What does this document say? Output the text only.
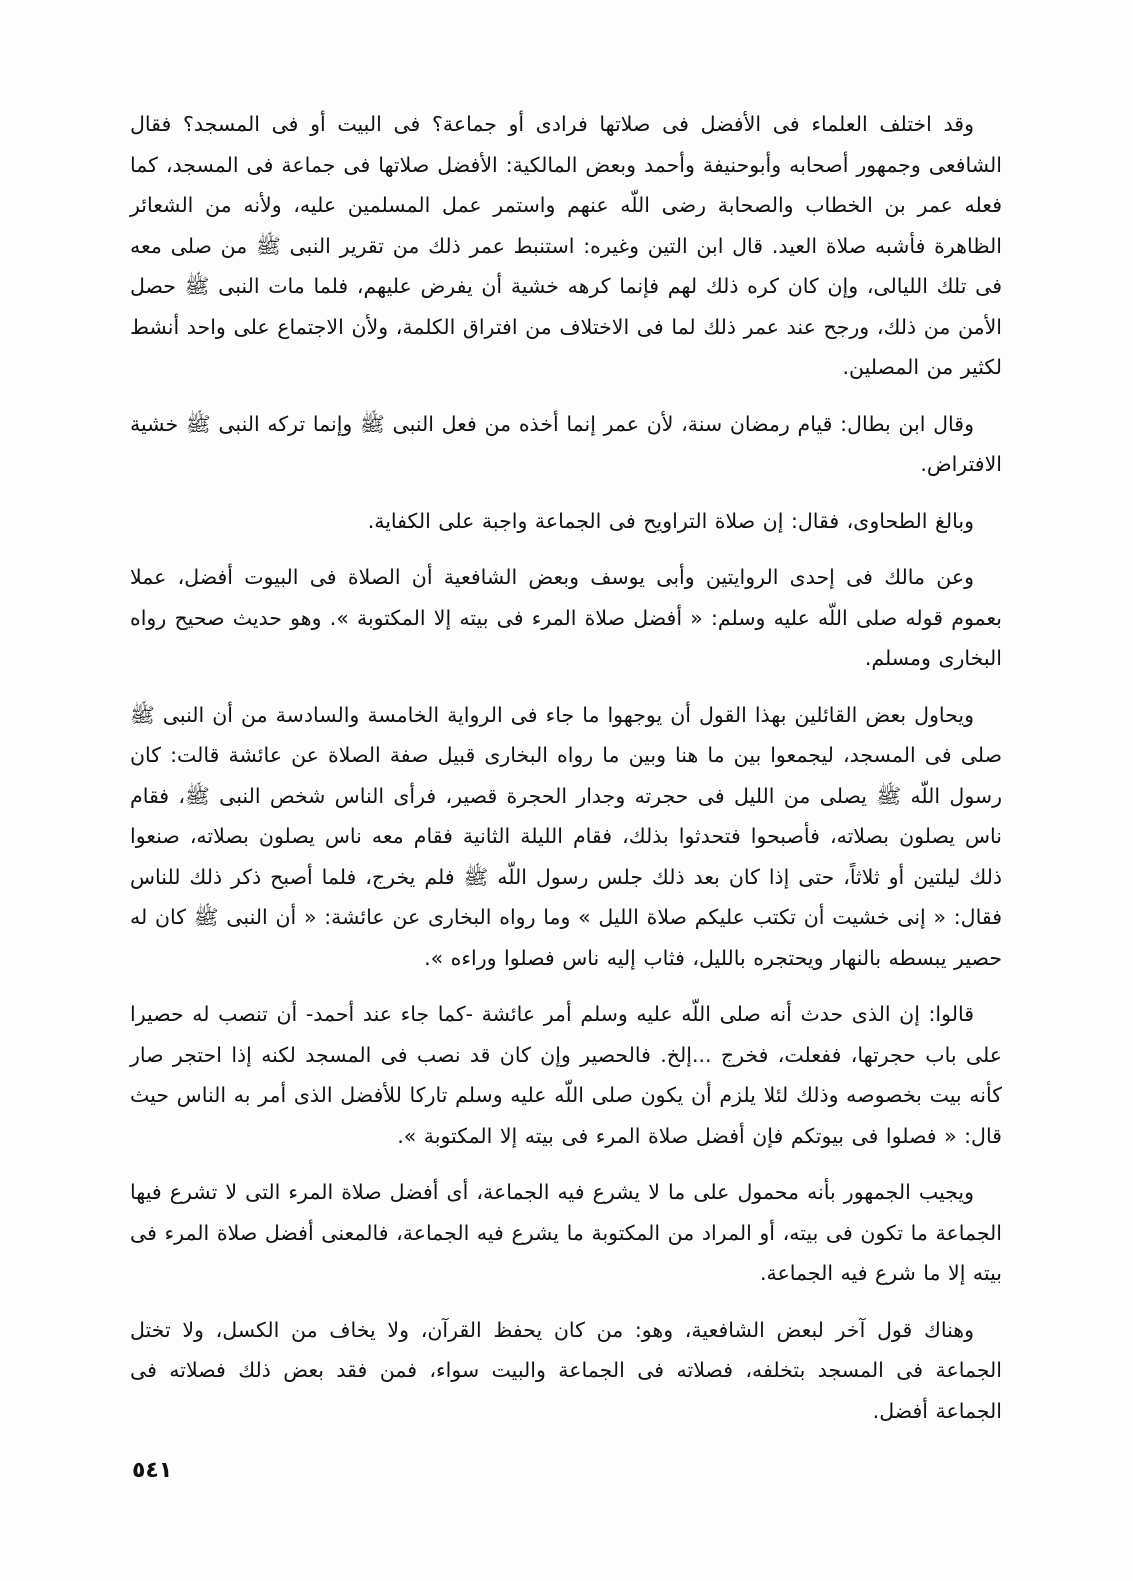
وقد اختلف العلماء فى الأفضل فى صلاتها فرادى أو جماعة؟ فى البيت أو فى المسجد؟ فقال الشافعى وجمهور أصحابه وأبوحنيفة وأحمد وبعض المالكية: الأفضل صلاتها فى جماعة فى المسجد، كما فعله عمر بن الخطاب والصحابة رضى اللّه عنهم واستمر عمل المسلمين عليه، ولأنه من الشعائر الظاهرة فأشبه صلاة العيد. قال ابن التين وغيره: استنبط عمر ذلك من تقرير النبى ﷺ من صلى معه فى تلك الليالى، وإن كان كره ذلك لهم فإنما كرهه خشية أن يفرض عليهم، فلما مات النبى ﷺ حصل الأمن من ذلك، ورجح عند عمر ذلك لما فى الاختلاف من افتراق الكلمة، ولأن الاجتماع على واحد أنشط لكثير من المصلين.

وقال ابن بطال: قيام رمضان سنة، لأن عمر إنما أخذه من فعل النبى ﷺ وإنما تركه النبى ﷺ خشية الافتراض.

وبالغ الطحاوى، فقال: إن صلاة التراويح فى الجماعة واجبة على الكفاية.

وعن مالك فى إحدى الروايتين وأبى يوسف وبعض الشافعية أن الصلاة فى البيوت أفضل، عملا بعموم قوله صلى اللّه عليه وسلم: « أفضل صلاة المرء فى بيته إلا المكتوبة ». وهو حديث صحيح رواه البخارى ومسلم.

ويحاول بعض القائلين بهذا القول أن يوجهوا ما جاء فى الرواية الخامسة والسادسة من أن النبى ﷺ صلى فى المسجد، ليجمعوا بين ما هنا وبين ما رواه البخارى قبيل صفة الصلاة عن عائشة قالت: كان رسول اللّه ﷺ يصلى من الليل فى حجرته وجدار الحجرة قصير، فرأى الناس شخص النبى ﷺ، فقام ناس يصلون بصلاته، فأصبحوا فتحدثوا بذلك، فقام الليلة الثانية فقام معه ناس يصلون بصلاته، صنعوا ذلك ليلتين أو ثلاثاً، حتى إذا كان بعد ذلك جلس رسول اللّه ﷺ فلم يخرج، فلما أصبح ذكر ذلك للناس فقال: « إنى خشيت أن تكتب عليكم صلاة الليل » وما رواه البخارى عن عائشة: « أن النبى ﷺ كان له حصير يبسطه بالنهار ويحتجره بالليل، فثاب إليه ناس فصلوا وراءه ».

قالوا: إن الذى حدث أنه صلى اللّه عليه وسلم أمر عائشة -كما جاء عند أحمد- أن تنصب له حصيرا على باب حجرتها، ففعلت، فخرج ...إلخ. فالحصير وإن كان قد نصب فى المسجد لكنه إذا احتجر صار كأنه بيت بخصوصه وذلك لئلا يلزم أن يكون صلى اللّه عليه وسلم تاركا للأفضل الذى أمر به الناس حيث قال: « فصلوا فى بيوتكم فإن أفضل صلاة المرء فى بيته إلا المكتوبة ».

ويجيب الجمهور بأنه محمول على ما لا يشرع فيه الجماعة، أى أفضل صلاة المرء التى لا تشرع فيها الجماعة ما تكون فى بيته، أو المراد من المكتوبة ما يشرع فيه الجماعة، فالمعنى أفضل صلاة المرء فى بيته إلا ما شرع فيه الجماعة.

وهناك قول آخر لبعض الشافعية، وهو: من كان يحفظ القرآن، ولا يخاف من الكسل، ولا تختل الجماعة فى المسجد بتخلفه، فصلاته فى الجماعة والبيت سواء، فمن فقد بعض ذلك فصلاته فى الجماعة أفضل.

٥٤١
